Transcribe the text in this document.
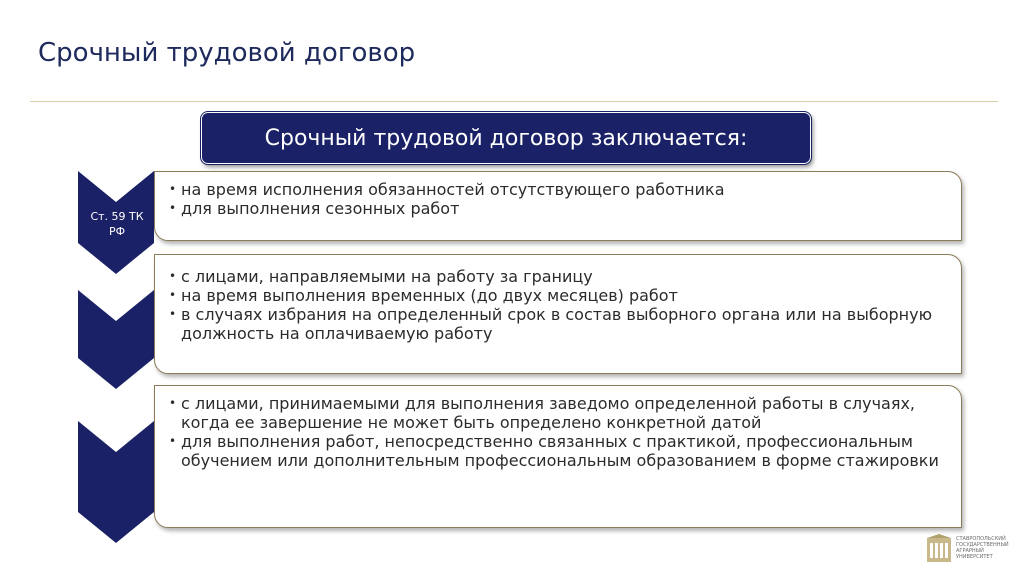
Срочный трудовой договор
Срочный трудовой договор заключается:
Ст. 59 ТК
РФ
• на время исполнения обязанностей отсутствующего работника
• для выполнения сезонных работ
• с лицами, направляемыми на работу за границу
• на время выполнения временных (до двух месяцев) работ
• в случаях избрания на определенный срок в состав выборного органа или на выборную должность на оплачиваемую работу
• с лицами, принимаемыми для выполнения заведомо определенной работы в случаях, когда ее завершение не может быть определено конкретной датой
• для выполнения работ, непосредственно связанных с практикой, профессиональным обучением или дополнительным профессиональным образованием в форме стажировки
СТАВРОПОЛЬСКИЙ
ГОСУДАРСТВЕННЫЙ
АГРАРНЫЙ УНИВЕРСИТЕТ
